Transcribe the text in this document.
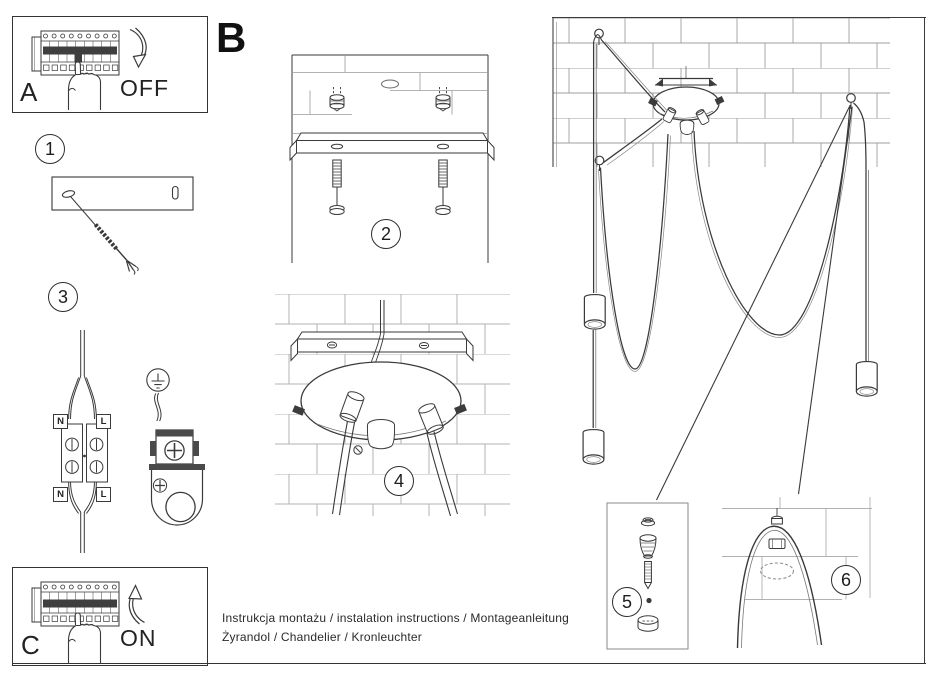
OFF
A
B
N	L
N	L
ON
C
1
2
3
4
5
6
Instrukcja montażu / instalation instructions / Montageanleitung
Żyrandol / Chandelier / Kronleuchter
